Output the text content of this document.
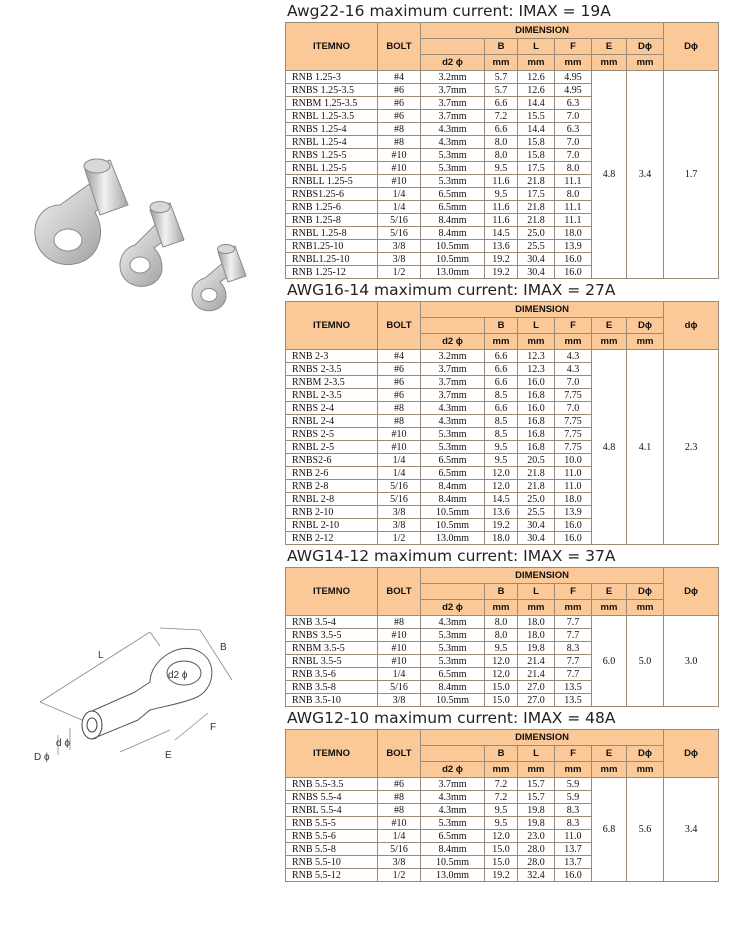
L
B
d2 ϕ
F
E
d ϕ
D ϕ
Awg22-16 maximum current: IMAX = 19A
ITEMNO	BOLT	DIMENSION						Dϕ
			B	L	F	E	Dϕ	
		d2 ϕ	mm	mm	mm	mm	mm	
RNB 1.25-3	#4	3.2mm	5.7	12.6	4.95	4.8	3.4	1.7
RNBS 1.25-3.5	#6	3.7mm	5.7	12.6	4.95			
RNBM 1.25-3.5	#6	3.7mm	6.6	14.4	6.3			
RNBL 1.25-3.5	#6	3.7mm	7.2	15.5	7.0			
RNBS 1.25-4	#8	4.3mm	6.6	14.4	6.3			
RNBL 1.25-4	#8	4.3mm	8.0	15.8	7.0			
RNBS 1.25-5	#10	5.3mm	8.0	15.8	7.0			
RNBL 1.25-5	#10	5.3mm	9.5	17.5	8.0			
RNBLL 1.25-5	#10	5.3mm	11.6	21.8	11.1			
RNBS1.25-6	1/4	6.5mm	9.5	17.5	8.0			
RNB 1.25-6	1/4	6.5mm	11.6	21.8	11.1			
RNB 1.25-8	5/16	8.4mm	11.6	21.8	11.1			
RNBL 1.25-8	5/16	8.4mm	14.5	25.0	18.0			
RNB1.25-10	3/8	10.5mm	13.6	25.5	13.9			
RNBL1.25-10	3/8	10.5mm	19.2	30.4	16.0			
RNB 1.25-12	1/2	13.0mm	19.2	30.4	16.0			
AWG16-14 maximum current: IMAX = 27A
ITEMNO	BOLT	DIMENSION						dϕ
			B	L	F	E	Dϕ	
		d2 ϕ	mm	mm	mm	mm	mm	
RNB 2-3	#4	3.2mm	6.6	12.3	4.3	4.8	4.1	2.3
RNBS 2-3.5	#6	3.7mm	6.6	12.3	4.3			
RNBM 2-3.5	#6	3.7mm	6.6	16.0	7.0			
RNBL 2-3.5	#6	3.7mm	8.5	16.8	7.75			
RNBS 2-4	#8	4.3mm	6.6	16.0	7.0			
RNBL 2-4	#8	4.3mm	8.5	16.8	7.75			
RNBS 2-5	#10	5.3mm	8.5	16.8	7.75			
RNBL 2-5	#10	5.3mm	9.5	16.8	7.75			
RNBS2-6	1/4	6.5mm	9.5	20.5	10.0			
RNB 2-6	1/4	6.5mm	12.0	21.8	11.0			
RNB 2-8	5/16	8.4mm	12.0	21.8	11.0			
RNBL 2-8	5/16	8.4mm	14.5	25.0	18.0			
RNB 2-10	3/8	10.5mm	13.6	25.5	13.9			
RNBL 2-10	3/8	10.5mm	19.2	30.4	16.0			
RNB 2-12	1/2	13.0mm	18.0	30.4	16.0			
AWG14-12 maximum current: IMAX = 37A
ITEMNO	BOLT	DIMENSION						Dϕ
			B	L	F	E	Dϕ	
		d2 ϕ	mm	mm	mm	mm	mm	
RNB 3.5-4	#8	4.3mm	8.0	18.0	7.7	6.0	5.0	3.0
RNBS 3.5-5	#10	5.3mm	8.0	18.0	7.7			
RNBM 3.5-5	#10	5.3mm	9.5	19.8	8.3			
RNBL 3.5-5	#10	5.3mm	12.0	21.4	7.7			
RNB 3.5-6	1/4	6.5mm	12.0	21.4	7.7			
RNB 3.5-8	5/16	8.4mm	15.0	27.0	13.5			
RNB 3.5-10	3/8	10.5mm	15.0	27.0	13.5			
AWG12-10 maximum current: IMAX = 48A
ITEMNO	BOLT	DIMENSION						Dϕ
			B	L	F	E	Dϕ	
		d2 ϕ	mm	mm	mm	mm	mm	
RNB 5.5-3.5	#6	3.7mm	7.2	15.7	5.9	6.8	5.6	3.4
RNBS 5.5-4	#8	4.3mm	7.2	15.7	5.9			
RNBL 5.5-4	#8	4.3mm	9.5	19.8	8.3			
RNB 5.5-5	#10	5.3mm	9.5	19.8	8.3			
RNB 5.5-6	1/4	6.5mm	12.0	23.0	11.0			
RNB 5.5-8	5/16	8.4mm	15.0	28.0	13.7			
RNB 5.5-10	3/8	10.5mm	15.0	28.0	13.7			
RNB 5.5-12	1/2	13.0mm	19.2	32.4	16.0			
